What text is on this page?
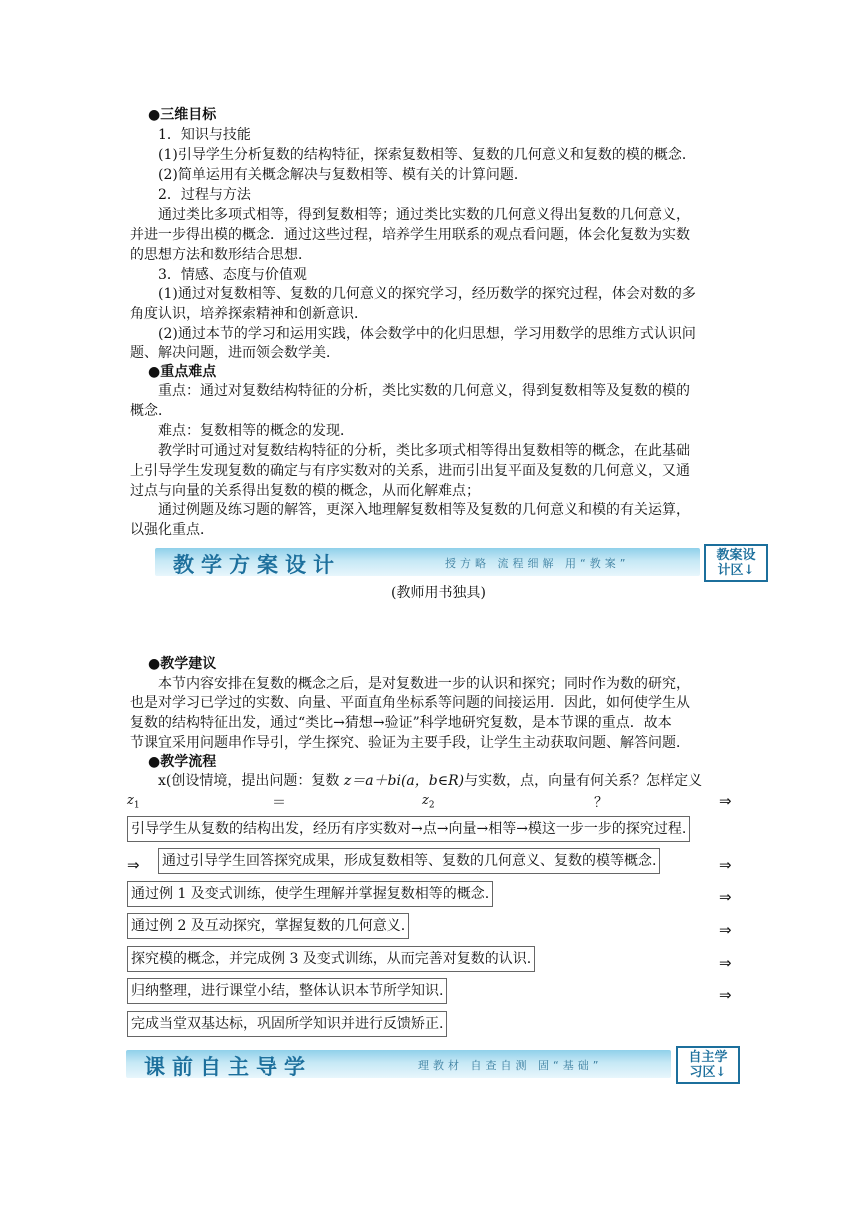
●三维目标
1．知识与技能
(1)引导学生分析复数的结构特征，探索复数相等、复数的几何意义和复数的模的概念．
(2)简单运用有关概念解决与复数相等、模有关的计算问题．
2．过程与方法
通过类比多项式相等，得到复数相等；通过类比实数的几何意义得出复数的几何意义，
并进一步得出模的概念．通过这些过程，培养学生用联系的观点看问题，体会化复数为实数
的思想方法和数形结合思想．
3．情感、态度与价值观
(1)通过对复数相等、复数的几何意义的探究学习，经历数学的探究过程，体会对数的多
角度认识，培养探索精神和创新意识．
(2)通过本节的学习和运用实践，体会数学中的化归思想，学习用数学的思维方式认识问
题、解决问题，进而领会数学美．
●重点难点
重点：通过对复数结构特征的分析，类比实数的几何意义，得到复数相等及复数的模的
概念．
难点：复数相等的概念的发现．
教学时可通过对复数结构特征的分析，类比多项式相等得出复数相等的概念，在此基础
上引导学生发现复数的确定与有序实数对的关系，进而引出复平面及复数的几何意义，又通
过点与向量的关系得出复数的模的概念，从而化解难点；
通过例题及练习题的解答，更深入地理解复数相等及复数的几何意义和模的有关运算，
以强化重点．
教学方案设计	授方略 流程细解 用“教案”
教案设
计区↓
(教师用书独具)
●教学建议
本节内容安排在复数的概念之后，是对复数进一步的认识和探究；同时作为数的研究，
也是对学习已学过的实数、向量、平面直角坐标系等问题的间接运用．因此，如何使学生从
复数的结构特征出发，通过“类比→猜想→验证”科学地研究复数，是本节课的重点．故本
节课宜采用问题串作导引，学生探究、验证为主要手段，让学生主动获取问题、解答问题．
●教学流程
x(创设情境，提出问题：复数 z＝a＋bi(a，b∈R)与实数，点，向量有何关系？怎样定义
$z_1$	＝	$z_2$	？	⇒
引导学生从复数的结构出发，经历有序实数对→点→向量→相等→模这一步一步的探究过程.
⇒ 通过引导学生回答探究成果，形成复数相等、复数的几何意义、复数的模等概念.	⇒
通过例 1 及变式训练，使学生理解并掌握复数相等的概念.	⇒
通过例 2 及互动探究，掌握复数的几何意义.	⇒
探究模的概念，并完成例 3 及变式训练，从而完善对复数的认识.	⇒
归纳整理，进行课堂小结，整体认识本节所学知识.	⇒
完成当堂双基达标，巩固所学知识并进行反馈矫正.
课前自主导学	理教材 自查自测 固“基础”
自主学
习区↓
